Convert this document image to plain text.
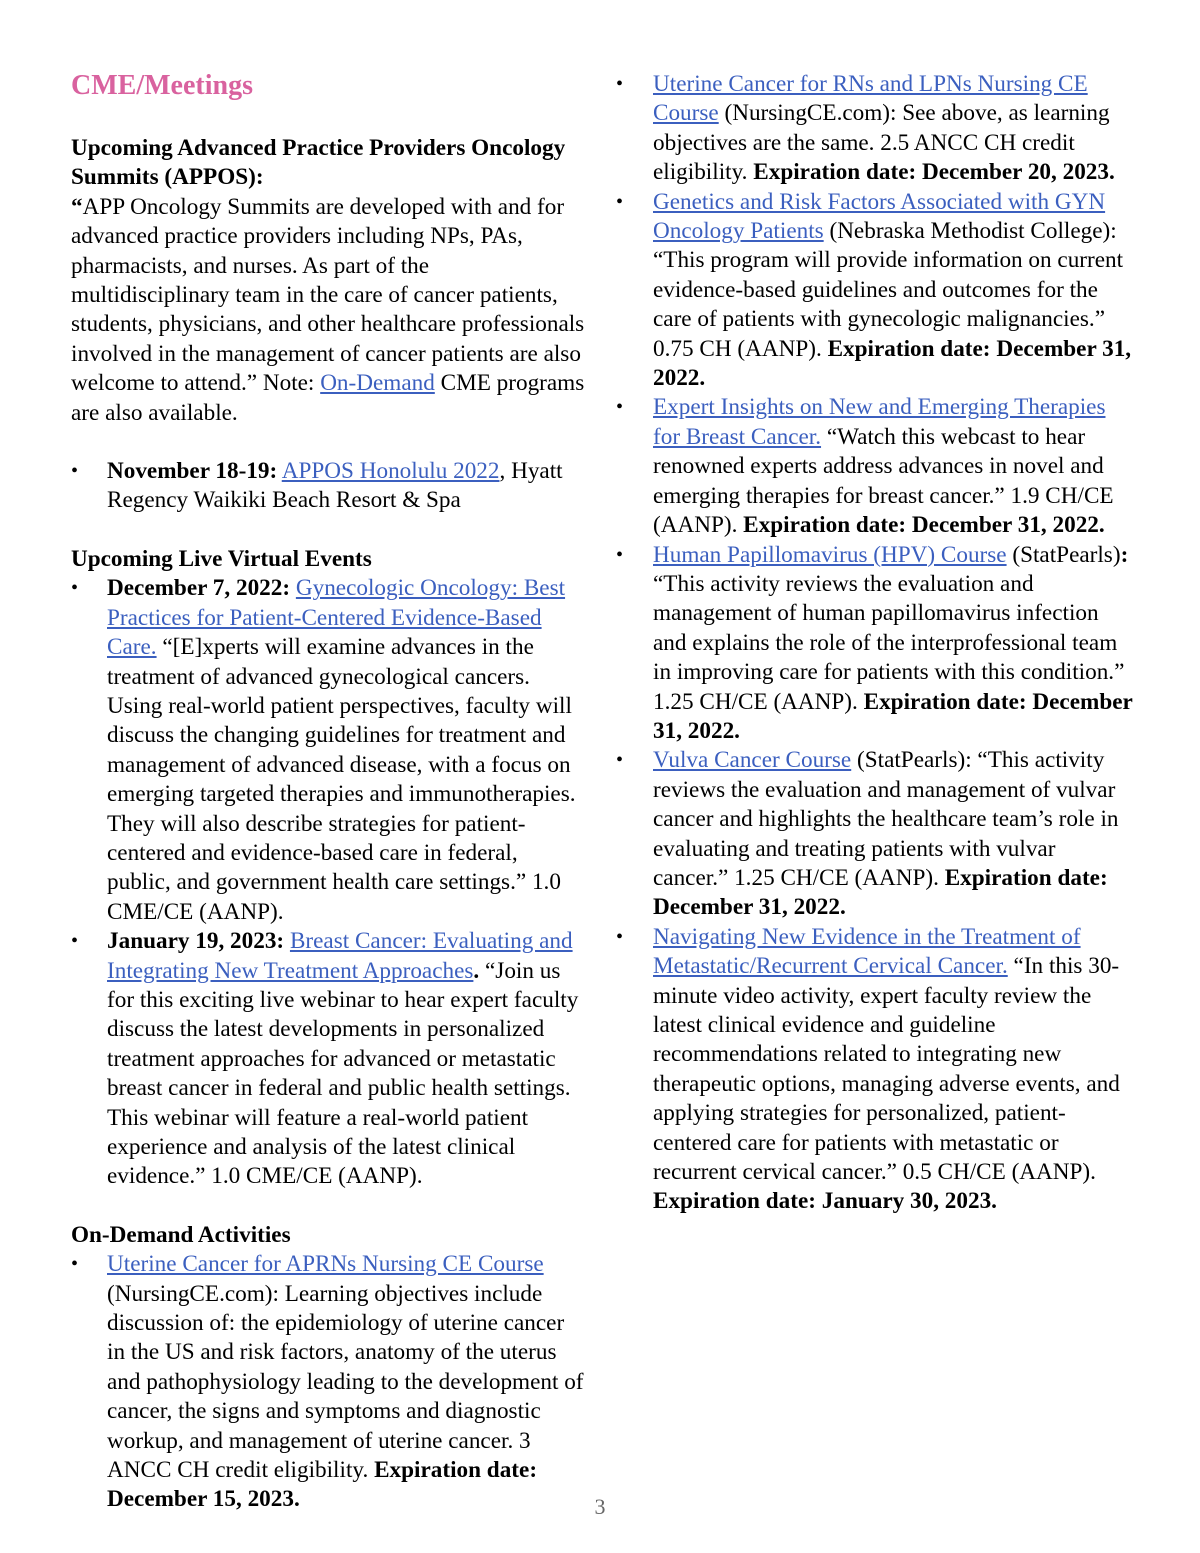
CME/Meetings

Upcoming Advanced Practice Providers Oncology Summits (APPOS):

“APP Oncology Summits are developed with and for advanced practice providers including NPs, PAs, pharmacists, and nurses. As part of the multidisciplinary team in the care of cancer patients, students, physicians, and other healthcare professionals involved in the management of cancer patients are also welcome to attend.” Note: On-Demand CME programs are also available.

•	November 18-19: APPOS Honolulu 2022, Hyatt Regency Waikiki Beach Resort & Spa

Upcoming Live Virtual Events

•	December 7, 2022: Gynecologic Oncology: Best Practices for Patient-Centered Evidence-Based Care. “[E]xperts will examine advances in the treatment of advanced gynecological cancers. Using real-world patient perspectives, faculty will discuss the changing guidelines for treatment and management of advanced disease, with a focus on emerging targeted therapies and immunotherapies. They will also describe strategies for patient-centered and evidence-based care in federal, public, and government health care settings.” 1.0 CME/CE (AANP).
•	January 19, 2023: Breast Cancer: Evaluating and Integrating New Treatment Approaches. “Join us for this exciting live webinar to hear expert faculty discuss the latest developments in personalized treatment approaches for advanced or metastatic breast cancer in federal and public health settings. This webinar will feature a real-world patient experience and analysis of the latest clinical evidence.” 1.0 CME/CE (AANP).

On-Demand Activities

•	Uterine Cancer for APRNs Nursing CE Course (NursingCE.com): Learning objectives include discussion of: the epidemiology of uterine cancer in the US and risk factors, anatomy of the uterus and pathophysiology leading to the development of cancer, the signs and symptoms and diagnostic workup, and management of uterine cancer. 3 ANCC CH credit eligibility. Expiration date: December 15, 2023.
•	Uterine Cancer for RNs and LPNs Nursing CE Course (NursingCE.com): See above, as learning objectives are the same. 2.5 ANCC CH credit eligibility. Expiration date: December 20, 2023.
•	Genetics and Risk Factors Associated with GYN Oncology Patients (Nebraska Methodist College): “This program will provide information on current evidence-based guidelines and outcomes for the care of patients with gynecologic malignancies.” 0.75 CH (AANP). Expiration date: December 31, 2022.
•	Expert Insights on New and Emerging Therapies for Breast Cancer. “Watch this webcast to hear renowned experts address advances in novel and emerging therapies for breast cancer.” 1.9 CH/CE (AANP). Expiration date: December 31, 2022.
•	Human Papillomavirus (HPV) Course (StatPearls): “This activity reviews the evaluation and management of human papillomavirus infection and explains the role of the interprofessional team in improving care for patients with this condition.” 1.25 CH/CE (AANP). Expiration date: December 31, 2022.
•	Vulva Cancer Course (StatPearls): “This activity reviews the evaluation and management of vulvar cancer and highlights the healthcare team’s role in evaluating and treating patients with vulvar cancer.” 1.25 CH/CE (AANP). Expiration date: December 31, 2022.
•	Navigating New Evidence in the Treatment of Metastatic/Recurrent Cervical Cancer. “In this 30-minute video activity, expert faculty review the latest clinical evidence and guideline recommendations related to integrating new therapeutic options, managing adverse events, and applying strategies for personalized, patient-centered care for patients with metastatic or recurrent cervical cancer.” 0.5 CH/CE (AANP). Expiration date: January 30, 2023.
3
